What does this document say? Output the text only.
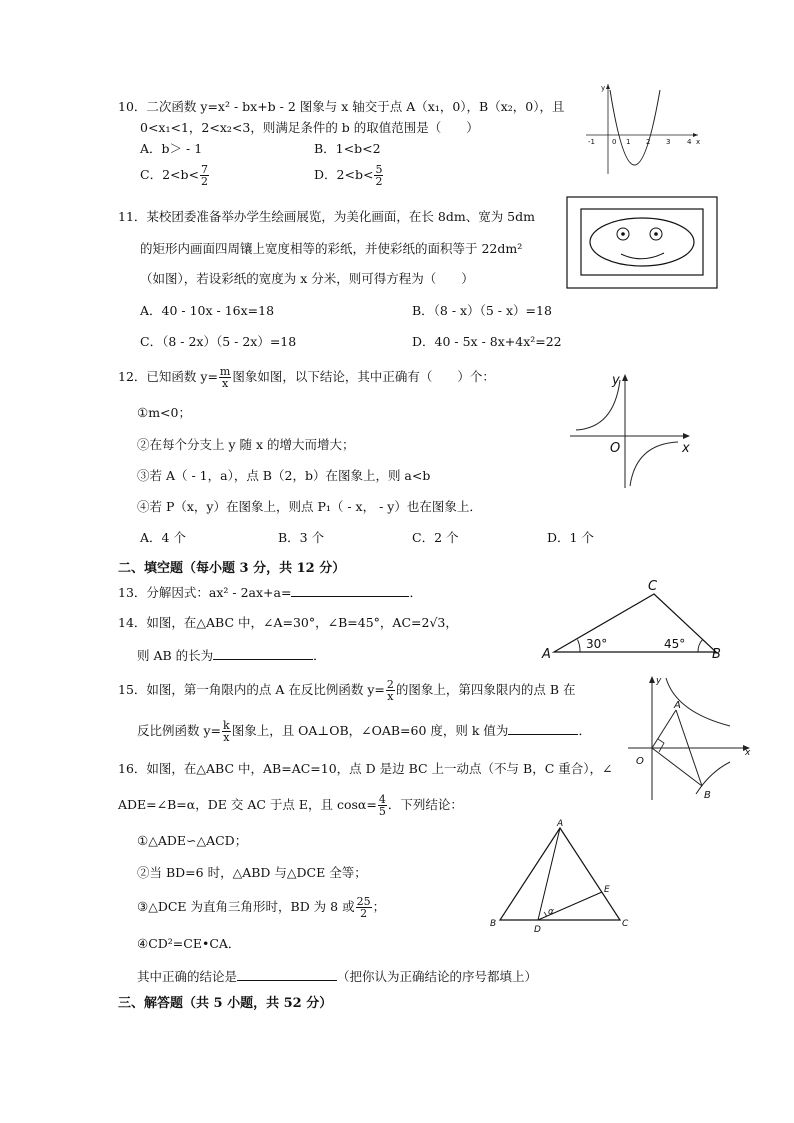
10．二次函数 y=x² - bx+b - 2 图象与 x 轴交于点 A（x₁，0），B（x₂，0），且
0<x₁<1，2<x₂<3，则满足条件的 b 的取值范围是（　　）
A．b＞ - 1	B．1<b<2
C．$2<b< \frac{7}{2}$	D．$2<b< \frac{5}{2}$
y
x
0
-1	1 2 3 4
11．某校团委准备举办学生绘画展览，为美化画面，在长 8dm、宽为 5dm
的矩形内画面四周镶上宽度相等的彩纸，并使彩纸的面积等于 22dm²
（如图），若设彩纸的宽度为 x 分米，则可得方程为（　　）
A．40 - 10x - 16x=18	B．（8 - x）（5 - x）=18
C．（8 - 2x）（5 - 2x）=18	D．40 - 5x - 8x+4x²=22
12．已知函数 $y= \frac{m}{x}$ 图象如图，以下结论，其中正确有（　　）个：
①m<0；
②在每个分支上 y 随 x 的增大而增大；
③若 A（ - 1，a），点 B（2，b）在图象上，则 a<b
④若 P（x，y）在图象上，则点 P₁（ - x， - y）也在图象上．
A．4 个	B．3 个	C．2 个	D．1 个
y
x
O
二、填空题（每小题 3 分，共 12 分）
13．分解因式：ax² - 2ax+a=	．
14．如图，在△ABC 中，∠A=30°，∠B=45°，AC=2√3，
则 AB 的长为	．	A	B
C
30°	45°
15．如图，第一角限内的点 A 在反比例函数 $y= \frac{2}{x}$ 的图象上，第四象限内的点 B 在
反比例函数 $y= \frac{k}{x}$ 图象上，且 OA⊥OB，∠OAB=60 度，则 k 值为	．
A
B
O
x
y
16．如图，在△ABC 中，AB=AC=10，点 D 是边 BC 上一动点（不与 B，C 重合），∠
ADE=∠B=α，DE 交 AC 于点 E，且 $\cos\alpha= \frac{4}{5}$ ．下列结论：
①△ADE∽△ACD；
②当 BD=6 时，△ABD 与△DCE 全等；
③△DCE 为直角三角形时，BD 为 8 或 $\frac{25}{2}$ ；
④CD²=CE•CA．
其中正确的结论是	（把你认为正确结论的序号都填上）
A
B	C
D
E
α
三、解答题（共 5 小题，共 52 分）
